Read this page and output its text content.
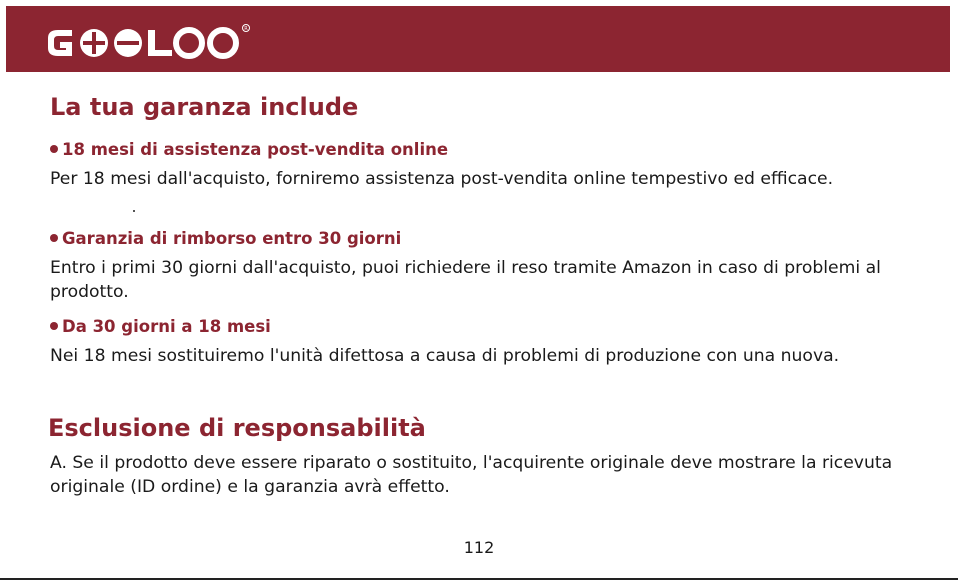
R
La tua garanza include
18 mesi di assistenza post-vendita online

Per 18 mesi dall'acquisto, forniremo assistenza post-vendita online tempestivo ed efficace.

Garanzia di rimborso entro 30 giorni

Entro i primi 30 giorni dall'acquisto, puoi richiedere il reso tramite Amazon in caso di problemi al prodotto.

Da 30 giorni a 18 mesi

Nei 18 mesi sostituiremo l'unità difettosa a causa di problemi di produzione con una nuova.

Esclusione di responsabilità

A. Se il prodotto deve essere riparato o sostituito, l'acquirente originale deve mostrare la ricevuta originale (ID ordine) e la garanzia avrà effetto.

112
